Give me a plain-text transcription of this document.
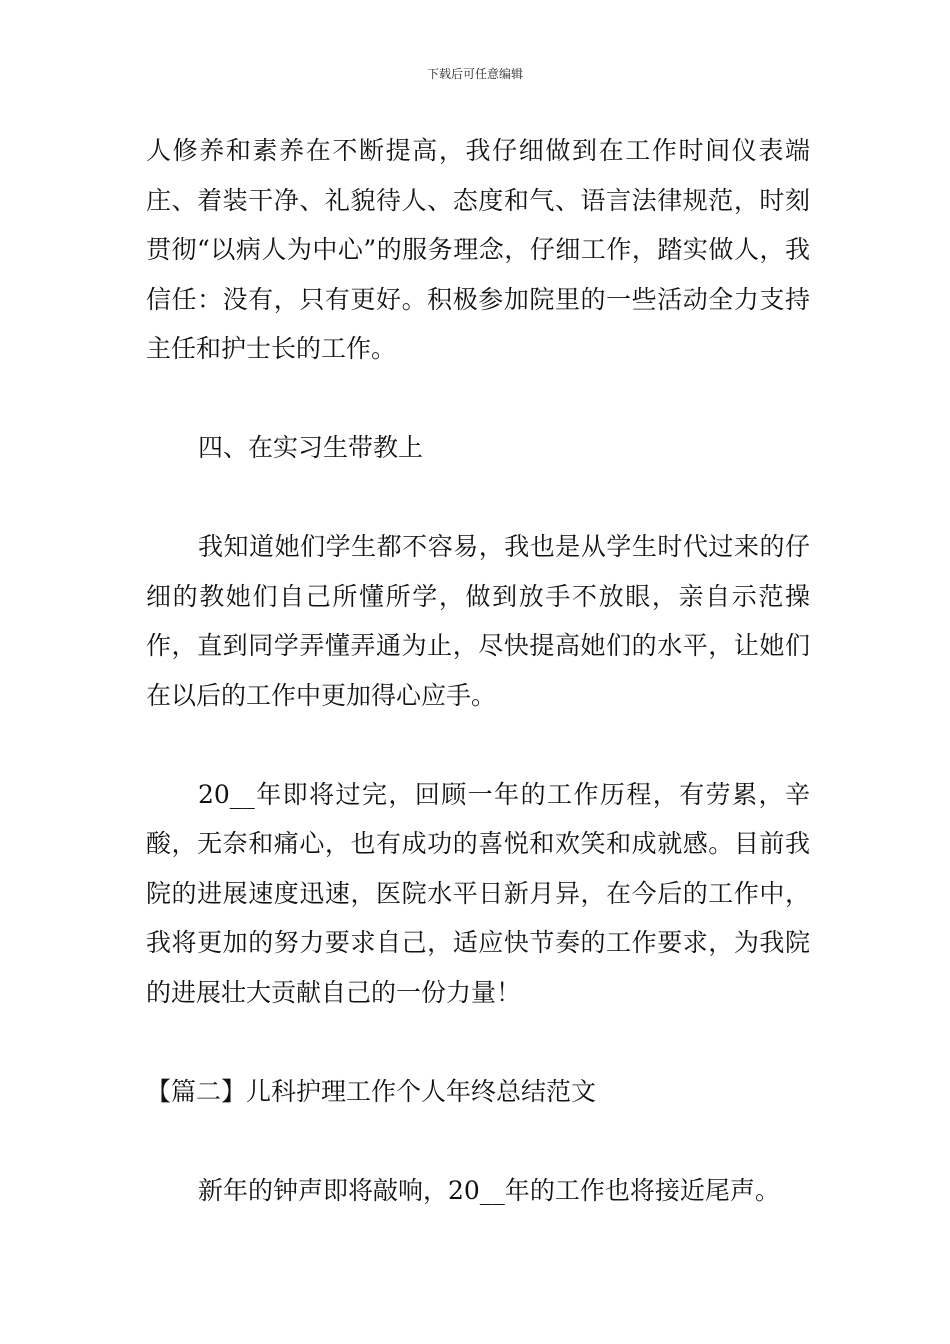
下载后可任意编辑

人修养和素养在不断提高，我仔细做到在工作时间仪表端庄、着装干净、礼貌待人、态度和气、语言法律规范，时刻贯彻“以病人为中心”的服务理念，仔细工作，踏实做人，我信任：没有，只有更好。积极参加院里的一些活动全力支持主任和护士长的工作。

四、在实习生带教上

我知道她们学生都不容易，我也是从学生时代过来的仔细的教她们自己所懂所学，做到放手不放眼，亲自示范操作，直到同学弄懂弄通为止，尽快提高她们的水平，让她们在以后的工作中更加得心应手。

20__年即将过完，回顾一年的工作历程，有劳累，辛酸，无奈和痛心，也有成功的喜悦和欢笑和成就感。目前我院的进展速度迅速，医院水平日新月异，在今后的工作中，我将更加的努力要求自己，适应快节奏的工作要求，为我院的进展壮大贡献自己的一份力量！

【篇二】儿科护理工作个人年终总结范文

新年的钟声即将敲响，20__年的工作也将接近尾声。
